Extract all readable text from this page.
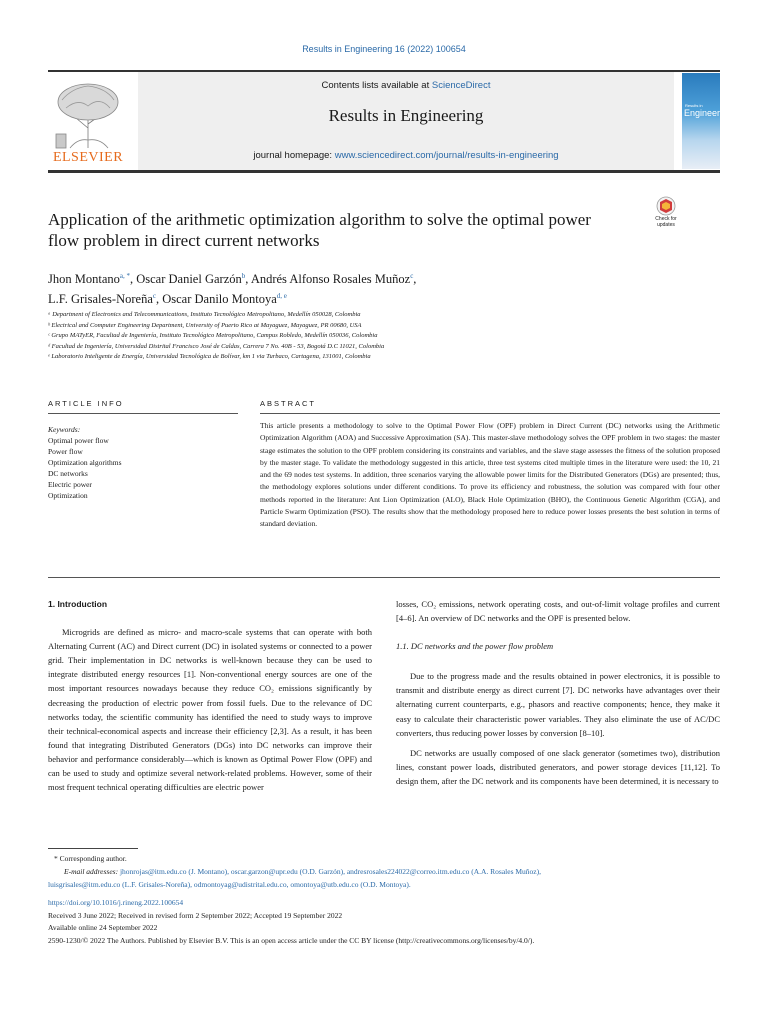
Results in Engineering 16 (2022) 100654
ELSEVIER
Contents lists available at ScienceDirect
Results in Engineering
journal homepage: www.sciencedirect.com/journal/results-in-engineering
Results in
Engineering
Application of the arithmetic optimization algorithm to solve the optimal power flow problem in direct current networks
Check for updates
Jhon Montano$^{a, *}$, Oscar Daniel Garzón$^b$, Andrés Alfonso Rosales Muñoz$^c$,
L.F. Grisales-Noreña$^c$, Oscar Danilo Montoya$^{d, e}$
ᵃ Department of Electronics and Telecommunications, Instituto Tecnológico Metropolitano, Medellín 050028, Colombia
ᵇ Electrical and Computer Engineering Department, University of Puerto Rico at Mayaguez, Mayaguez, PR 00680, USA
ᶜ Grupo MATyER, Facultad de Ingeniería, Instituto Tecnológico Metropolitano, Campus Robledo, Medellín 050036, Colombia
ᵈ Facultad de Ingeniería, Universidad Distrital Francisco José de Caldas, Carrera 7 No. 40B - 53, Bogotá D.C 11021, Colombia
ᵉ Laboratorio Inteligente de Energía, Universidad Tecnológica de Bolívar, km 1 via Turbaco, Cartagena, 131001, Colombia
ARTICLE INFO	ABSTRACT
Keywords:
Optimal power flow
Power flow
Optimization algorithms
DC networks
Electric power
Optimization
This article presents a methodology to solve to the Optimal Power Flow (OPF) problem in Direct Current (DC) networks using the Arithmetic Optimization Algorithm (AOA) and Successive Approximation (SA). This master-slave methodology solves the OPF problem in two stages: the master stage estimates the solution to the OPF problem considering its constraints and variables, and the slave stage assesses the fitness of the solution proposed by the master stage. To validate the methodology suggested in this article, three test systems cited multiple times in the literature were used: the 10, 21 and the 69 nodes test systems. In addition, three scenarios varying the allowable power limits for the Distributed Generators (DGs) are presented; thus, the methodology explores solutions under different conditions. To prove its efficiency and robustness, the solution was compared with four other methods reported in the literature: Ant Lion Optimization (ALO), Black Hole Optimization (BHO), the Continuous Genetic Algorithm (CGA), and Particle Swarm Optimization (PSO). The results show that the methodology proposed here to reduce power losses presents the best solution in terms of standard deviation.
1. Introduction

Microgrids are defined as micro- and macro-scale systems that can operate with both Alternating Current (AC) and Direct current (DC) in isolated systems or connected to a power grid. Their implementation in DC networks is well-known because they can be used to integrate distributed energy resources [1]. Non-conventional energy sources are one of the most important resources nowadays because they reduce CO₂ emissions significantly by decreasing the production of electric power from fossil fuels. Due to the relevance of DC networks today, the scientific community has identified the need to study ways to improve their technical-economical aspects and increase their efficiency [2,3]. As a result, it has been found that integrating Distributed Generators (DGs) into DC networks can improve their behavior and performance considerably—which is known as Optimal Power Flow (OPF) and can be used to study and optimize several network-related problems. However, some of their most frequent technical operating difficulties are electric power

losses, CO₂ emissions, network operating costs, and out-of-limit voltage profiles and current [4–6]. An overview of DC networks and the OPF is presented below.

1.1. DC networks and the power flow problem

Due to the progress made and the results obtained in power electronics, it is possible to transmit and distribute energy as direct current [7]. DC networks have advantages over their alternating current counterparts, e.g., phasors and reactive components; hence, they make it easy to calculate their characteristic power variables. They also eliminate the use of AC/DC converters, thus reducing power losses by conversion [8–10].

DC networks are usually composed of one slack generator (sometimes two), distribution lines, constant power loads, distributed generators, and power storage devices [11,12]. To design them, after the DC network and its components have been determined, it is necessary to

* Corresponding author.
E-mail addresses: jhonrojas@itm.edu.co (J. Montano), oscar.garzon@upr.edu (O.D. Garzón), andresrosales224022@correo.itm.edu.co (A.A. Rosales Muñoz),
luisgrisales@itm.edu.co (L.F. Grisales-Noreña), odmontoyag@udistrital.edu.co, omontoya@utb.edu.co (O.D. Montoya).
https://doi.org/10.1016/j.rineng.2022.100654
Received 3 June 2022; Received in revised form 2 September 2022; Accepted 19 September 2022
Available online 24 September 2022
2590-1230/© 2022 The Authors. Published by Elsevier B.V. This is an open access article under the CC BY license (http://creativecommons.org/licenses/by/4.0/).
